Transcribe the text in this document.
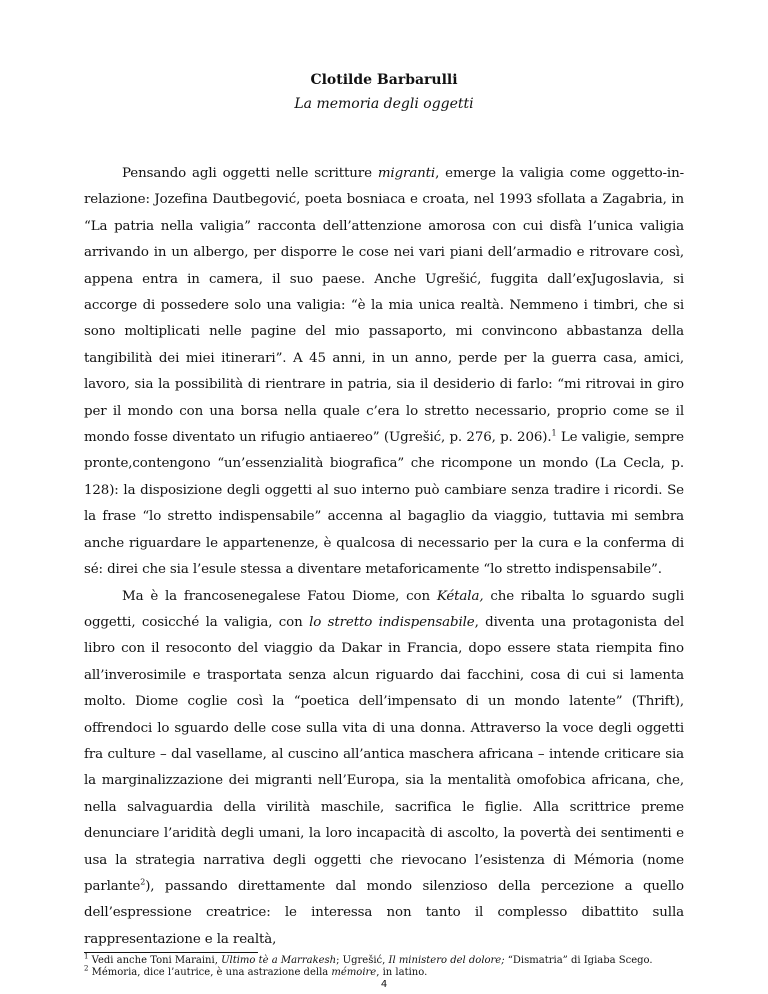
Clotilde Barbarulli
La memoria degli oggetti

Pensando agli oggetti nelle scritture migranti, emerge la valigia come oggetto-in-relazione: Jozefina Dautbegović, poeta bosniaca e croata, nel 1993 sfollata a Zagabria, in “La patria nella valigia” racconta dell’attenzione amorosa con cui disfà l’unica valigia arrivando in un albergo, per disporre le cose nei vari piani dell’armadio e ritrovare così, appena entra in camera, il suo paese. Anche Ugrešić, fuggita dall’exJugoslavia, si accorge di possedere solo una valigia: “è la mia unica realtà. Nemmeno i timbri, che si sono moltiplicati nelle pagine del mio passaporto, mi convincono abbastanza della tangibilità dei miei itinerari”. A 45 anni, in un anno, perde per la guerra casa, amici, lavoro, sia la possibilità di rientrare in patria, sia il desiderio di farlo: “mi ritrovai in giro per il mondo con una borsa nella quale c’era lo stretto necessario, proprio come se il mondo fosse diventato un rifugio antiaereo” (Ugrešić, p. 276, p. 206).$^1$ Le valigie, sempre pronte,contengono “un’essenzialità biografica” che ricompone un mondo (La Cecla, p. 128): la disposizione degli oggetti al suo interno può cambiare senza tradire i ricordi. Se la frase “lo stretto indispensabile” accenna al bagaglio da viaggio, tuttavia mi sembra anche riguardare le appartenenze, è qualcosa di necessario per la cura e la conferma di sé: direi che sia l’esule stessa a diventare metaforicamente “lo stretto indispensabile”.

Ma è la francosenegalese Fatou Diome, con Kétala, che ribalta lo sguardo sugli oggetti, cosicché la valigia, con lo stretto indispensabile, diventa una protagonista del libro con il resoconto del viaggio da Dakar in Francia, dopo essere stata riempita fino all’inverosimile e trasportata senza alcun riguardo dai facchini, cosa di cui si lamenta molto. Diome coglie così la “poetica dell’impensato di un mondo latente” (Thrift), offrendoci lo sguardo delle cose sulla vita di una donna. Attraverso la voce degli oggetti fra culture – dal vasellame, al cuscino all’antica maschera africana – intende criticare sia la marginalizzazione dei migranti nell’Europa, sia la mentalità omofobica africana, che, nella salvaguardia della virilità maschile, sacrifica le figlie. Alla scrittrice preme denunciare l’aridità degli umani, la loro incapacità di ascolto, la povertà dei sentimenti e usa la strategia narrativa degli oggetti che rievocano l’esistenza di Mémoria (nome parlante$^2$), passando direttamente dal mondo silenzioso della percezione a quello dell’espressione creatrice: le interessa non tanto il complesso dibattito sulla rappresentazione e la realtà,

$^1$ Vedi anche Toni Maraini, Ultimo tè a Marrakesh; Ugrešić, Il ministero del dolore; “Dismatria” di Igiaba Scego.
$^2$ Mémoria, dice l’autrice, è una astrazione della mémoire, in latino.
4
